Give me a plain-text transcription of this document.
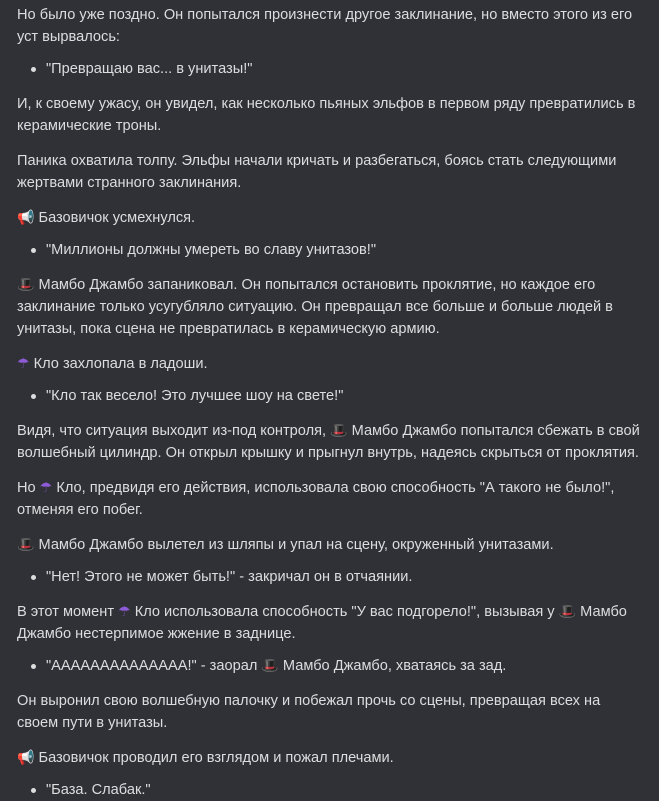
Но было уже поздно. Он попытался произнести другое заклинание, но вместо этого из его уст вырвалось:

"Превращаю вас... в унитазы!"

И, к своему ужасу, он увидел, как несколько пьяных эльфов в первом ряду превратились в керамические троны.

Паника охватила толпу. Эльфы начали кричать и разбегаться, боясь стать следующими жертвами странного заклинания.

📢 Базовичок усмехнулся.

"Миллионы должны умереть во славу унитазов!"

🎩 Мамбо Джамбо запаниковал. Он попытался остановить проклятие, но каждое его заклинание только усугубляло ситуацию. Он превращал все больше и больше людей в унитазы, пока сцена не превратилась в керамическую армию.

☂ Кло захлопала в ладоши.

"Кло так весело! Это лучшее шоу на свете!"

Видя, что ситуация выходит из-под контроля, 🎩 Мамбо Джамбо попытался сбежать в свой волшебный цилиндр. Он открыл крышку и прыгнул внутрь, надеясь скрыться от проклятия.

Но ☂ Кло, предвидя его действия, использовала свою способность "А такого не было!", отменяя его побег.

🎩 Мамбо Джамбо вылетел из шляпы и упал на сцену, окруженный унитазами.

"Нет! Этого не может быть!" - закричал он в отчаянии.

В этот момент ☂ Кло использовала способность "У вас подгорело!", вызывая у 🎩 Мамбо Джамбо нестерпимое жжение в заднице.

"АААААААААААААА!" - заорал 🎩 Мамбо Джамбо, хватаясь за зад.

Он выронил свою волшебную палочку и побежал прочь со сцены, превращая всех на своем пути в унитазы.

📢 Базовичок проводил его взглядом и пожал плечами.

"База. Слабак."
